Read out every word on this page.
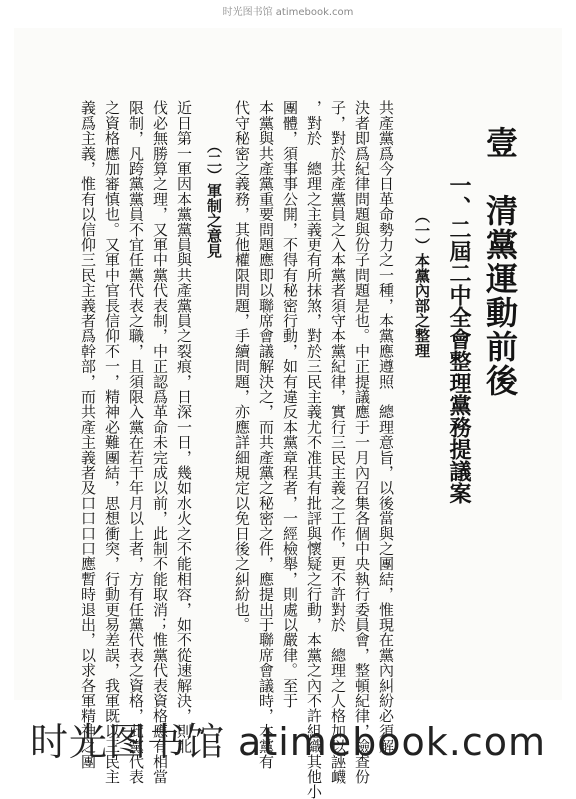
时光图书馆 atimebook.com
壹　清黨運動前後
一、二屆二中全會整理黨務提議案
（一）本黨內部之整理
共產黨爲今日革命勢力之一種，本黨應遵照　總理意旨，以後當與之團結，惟現在黨內糾紛必須解
決者即爲紀律問題與份子問題是也。中正提議應于一月內召集各個中央執行委員會，整頓紀律，檢查份
子，對於共產黨員之入本黨者須守本黨紀律，實行三民主義之工作，更不許對於　總理之人格加以誣衊
，對於　總理之主義更有所抹煞，對於三民主義尤不准其有批評與懷疑之行動，本黨之內不許組織其他小
團體，須事事公開，不得有秘密行動，如有違反本黨章程者，一經檢舉，則處以嚴律。至于
本黨與共產黨重要問題應即以聯席會議解決之，而共產黨之秘密之件，應提出于聯席會議時，本黨有
代守秘密之義務，其他權限問題，手續問題，亦應詳細規定以免日後之糾紛也。
（二）軍制之意見
近日第一軍因本黨黨員與共產黨員之裂痕，日深一日，幾如水火之不能相容，如不從速解決，則北
伐必無勝算之理，又軍中黨代表制，中正認爲革命未完成以前，此制不能取消；惟黨代表資格應有相當
限制，凡跨黨黨員不宜任黨代表之職，且須限入黨在若干年月以上者，方有任黨代表之資格，此黨代表
之資格應加審慎也。又軍中官長信仰不一，精神必難團結，思想衝突，行動更易差誤，我軍既以三民主
義爲主義，惟有以信仰三民主義者爲幹部，而共產主義者及口口口口應暫時退出，以求各軍精神之團
时光图书馆 atimebook.com
